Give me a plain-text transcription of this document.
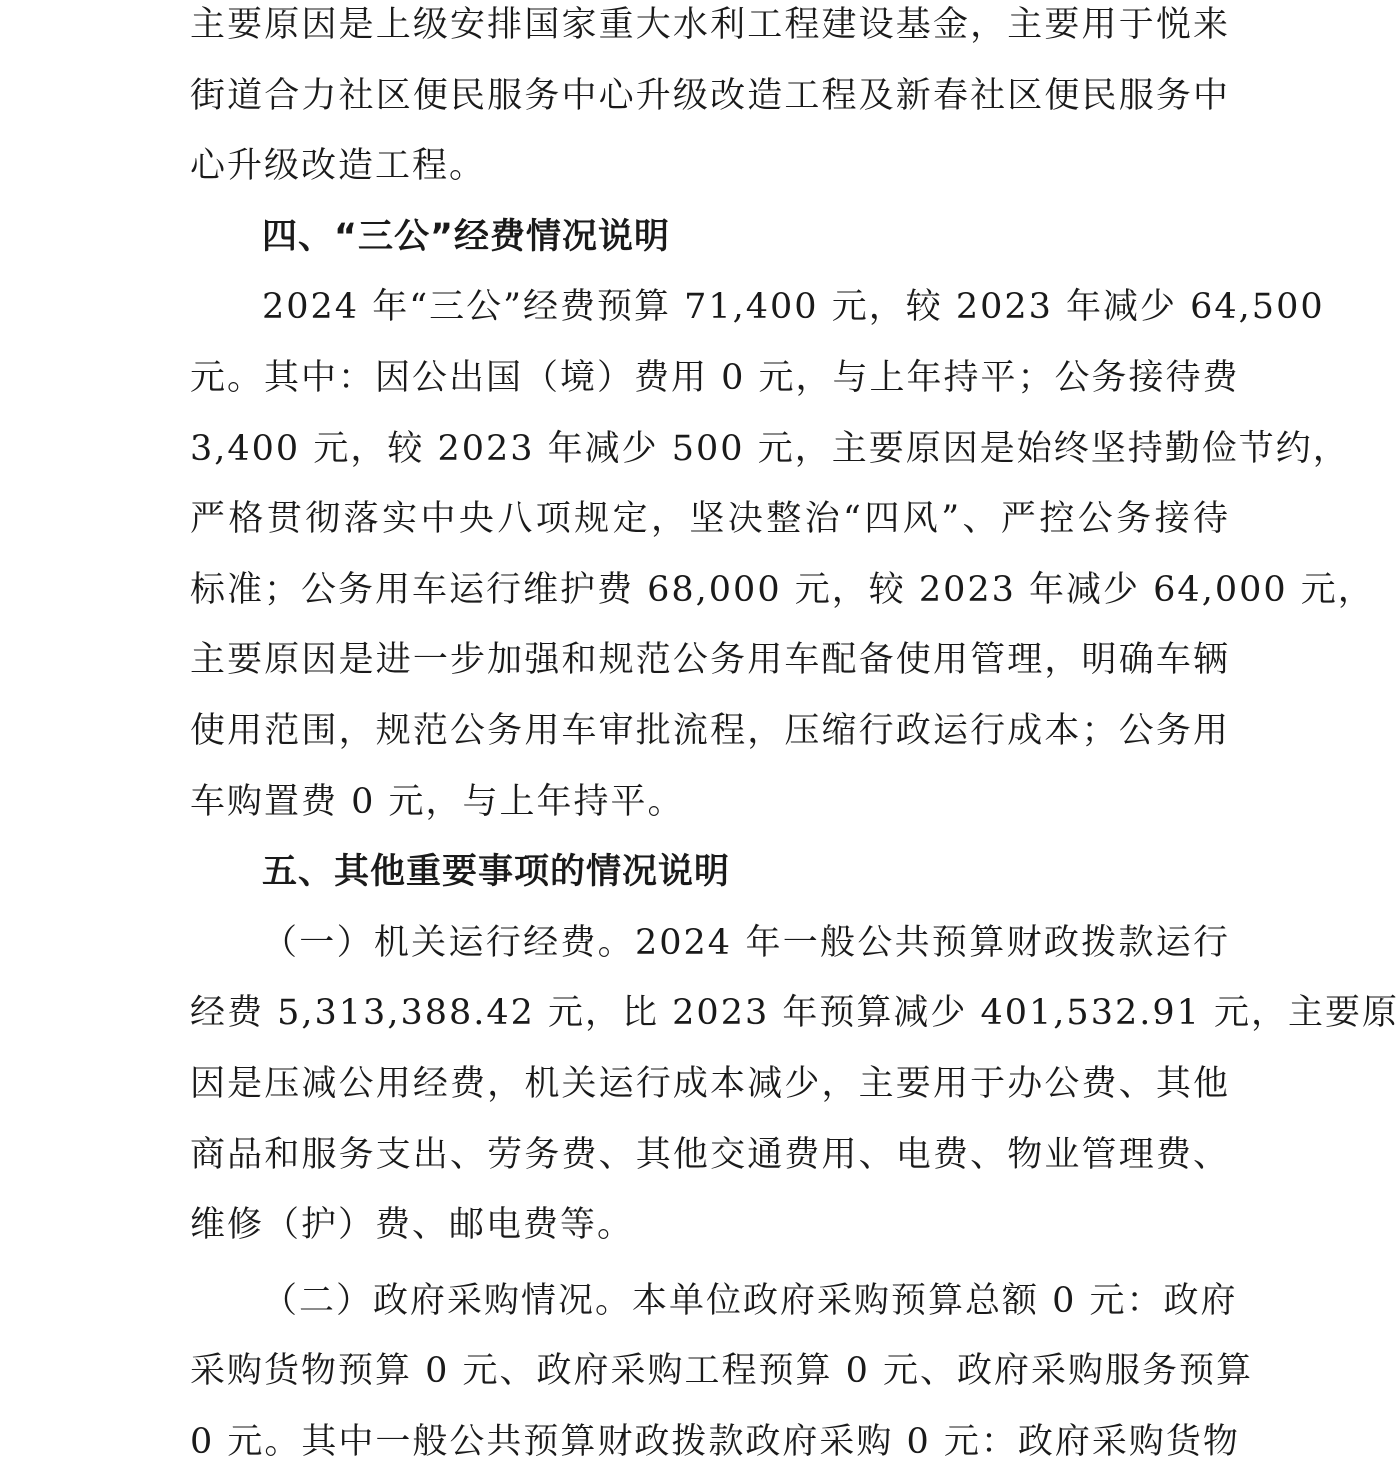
主要原因是上级安排国家重大水利工程建设基金，主要用于悦来
街道合力社区便民服务中心升级改造工程及新春社区便民服务中
心升级改造工程。
四、“三公”经费情况说明
2024 年“三公”经费预算 71,400 元，较 2023 年减少 64,500
元。其中：因公出国（境）费用 0 元，与上年持平；公务接待费
3,400 元，较 2023 年减少 500 元，主要原因是始终坚持勤俭节约，
严格贯彻落实中央八项规定，坚决整治“四风”、严控公务接待
标准；公务用车运行维护费 68,000 元，较 2023 年减少 64,000 元，
主要原因是进一步加强和规范公务用车配备使用管理，明确车辆
使用范围，规范公务用车审批流程，压缩行政运行成本；公务用
车购置费 0 元，与上年持平。
五、其他重要事项的情况说明
（一）机关运行经费。2024 年一般公共预算财政拨款运行
经费 5,313,388.42 元，比 2023 年预算减少 401,532.91 元，主要原
因是压减公用经费，机关运行成本减少，主要用于办公费、其他
商品和服务支出、劳务费、其他交通费用、电费、物业管理费、
维修（护）费、邮电费等。
（二）政府采购情况。本单位政府采购预算总额 0 元：政府
采购货物预算 0 元、政府采购工程预算 0 元、政府采购服务预算
0 元。其中一般公共预算财政拨款政府采购 0 元：政府采购货物
